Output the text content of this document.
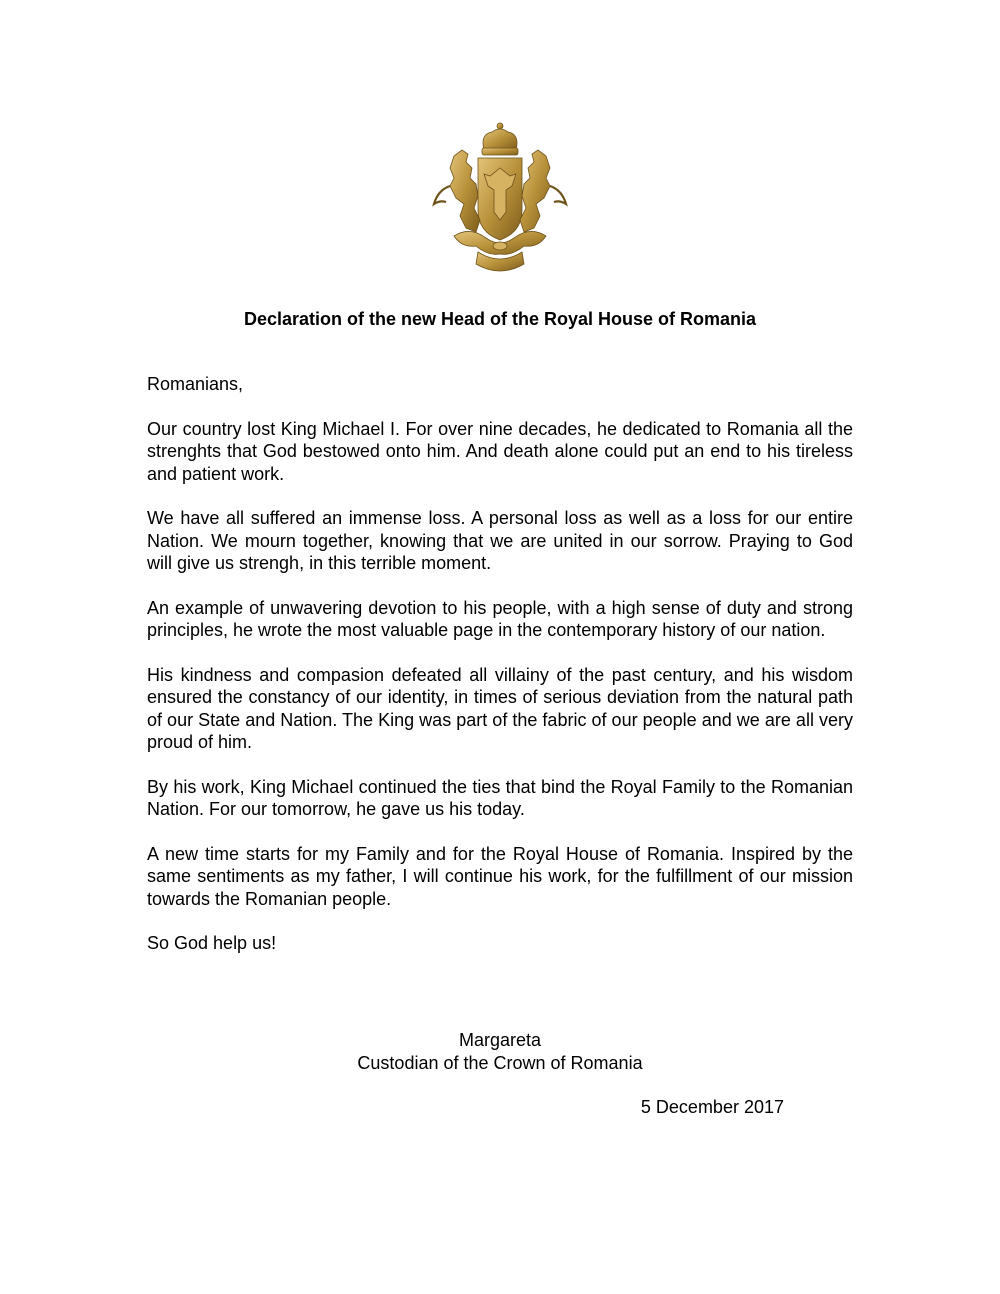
Declaration of the new Head of the Royal House of Romania

Romanians,

Our country lost King Michael I. For over nine decades, he dedicated to Romania all the strenghts that God bestowed onto him. And death alone could put an end to his tireless and patient work.

We have all suffered an immense loss. A personal loss as well as a loss for our entire Nation. We mourn together, knowing that we are united in our sorrow. Praying to God will give us strengh, in this terrible moment.

An example of unwavering devotion to his people, with a high sense of duty and strong principles, he wrote the most valuable page in the contemporary history of our nation.

His kindness and compasion defeated all villainy of the past century, and his wisdom ensured the constancy of our identity, in times of serious deviation from the natural path of our State and Nation. The King was part of the fabric of our people and we are all very proud of him.

By his work, King Michael continued the ties that bind the Royal Family to the Romanian Nation. For our tomorrow, he gave us his today.

A new time starts for my Family and for the Royal House of Romania. Inspired by the same sentiments as my father, I will continue his work, for the fulfillment of our mission towards the Romanian people.

So God help us!

Margareta
Custodian of the Crown of Romania
5 December 2017
